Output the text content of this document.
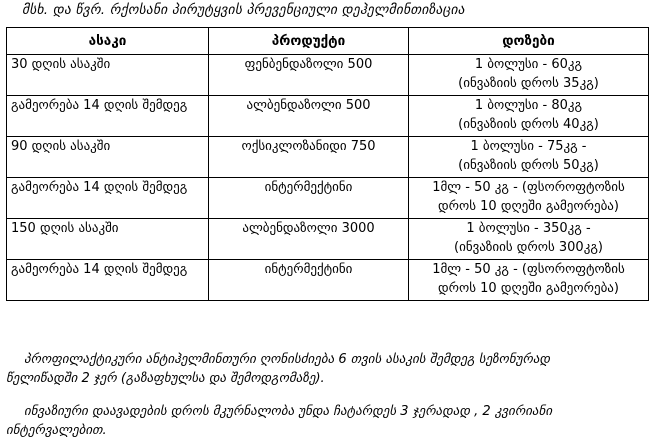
მსხ. და წვრ. რქოსანი პირუტყვის პრევენციული დეჰელმინთიზაცია
ასაკი	პროდუქტი	დოზები
30 დღის ასაკში	ფენბენდაზოლი 500	1 ბოლუსი - 60კგ
(ინვაზიის დროს 35კგ)

გამეორება 14 დღის შემდეგ	ალბენდაზოლი 500	1 ბოლუსი - 80კგ
(ინვაზიის დროს 40კგ)

90 დღის ასაკში	ოქსიკლოზანიდი 750	1 ბოლუსი - 75კგ -
(ინვაზიის დროს 50კგ)

გამეორება 14 დღის შემდეგ	ინტერმექტინი	1მლ - 50 კგ - (ფსოროფტოზის
დროს 10 დღეში გამეორება)

150 დღის ასაკში	ალბენდაზოლი 3000	1 ბოლუსი - 350კგ -
(ინვაზიის დროს 300კგ)

გამეორება 14 დღის შემდეგ	ინტერმექტინი	1მლ - 50 კგ - (ფსოროფტოზის
დროს 10 დღეში გამეორება)
პროფილაქტიკური ანტიჰელმინთური ღონისძიება 6 თვის ასაკის შემდეგ სეზონურად
წელიწადში 2 ჯერ (გაზაფხულსა და შემოდგომაზე).
ინვაზიური დაავადების დროს მკურნალობა უნდა ჩატარდეს 3 ჯერადად , 2 კვირიანი
ინტერვალებით.
